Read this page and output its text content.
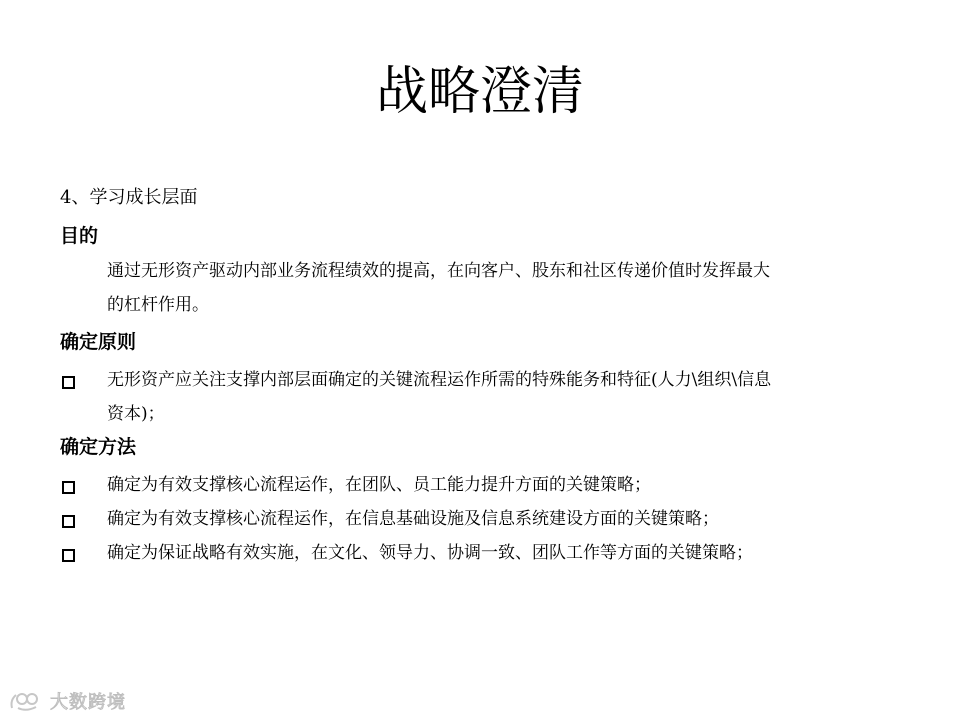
战略澄清
4、学习成长层面
目的
通过无形资产驱动内部业务流程绩效的提高，在向客户、股东和社区传递价值时发挥最大
的杠杆作用。
确定原则
无形资产应关注支撑内部层面确定的关键流程运作所需的特殊能务和特征(人力\组织\信息
资本)；
确定方法
确定为有效支撑核心流程运作，在团队、员工能力提升方面的关键策略；
确定为有效支撑核心流程运作，在信息基础设施及信息系统建设方面的关键策略；
确定为保证战略有效实施，在文化、领导力、协调一致、团队工作等方面的关键策略；
大数跨境
